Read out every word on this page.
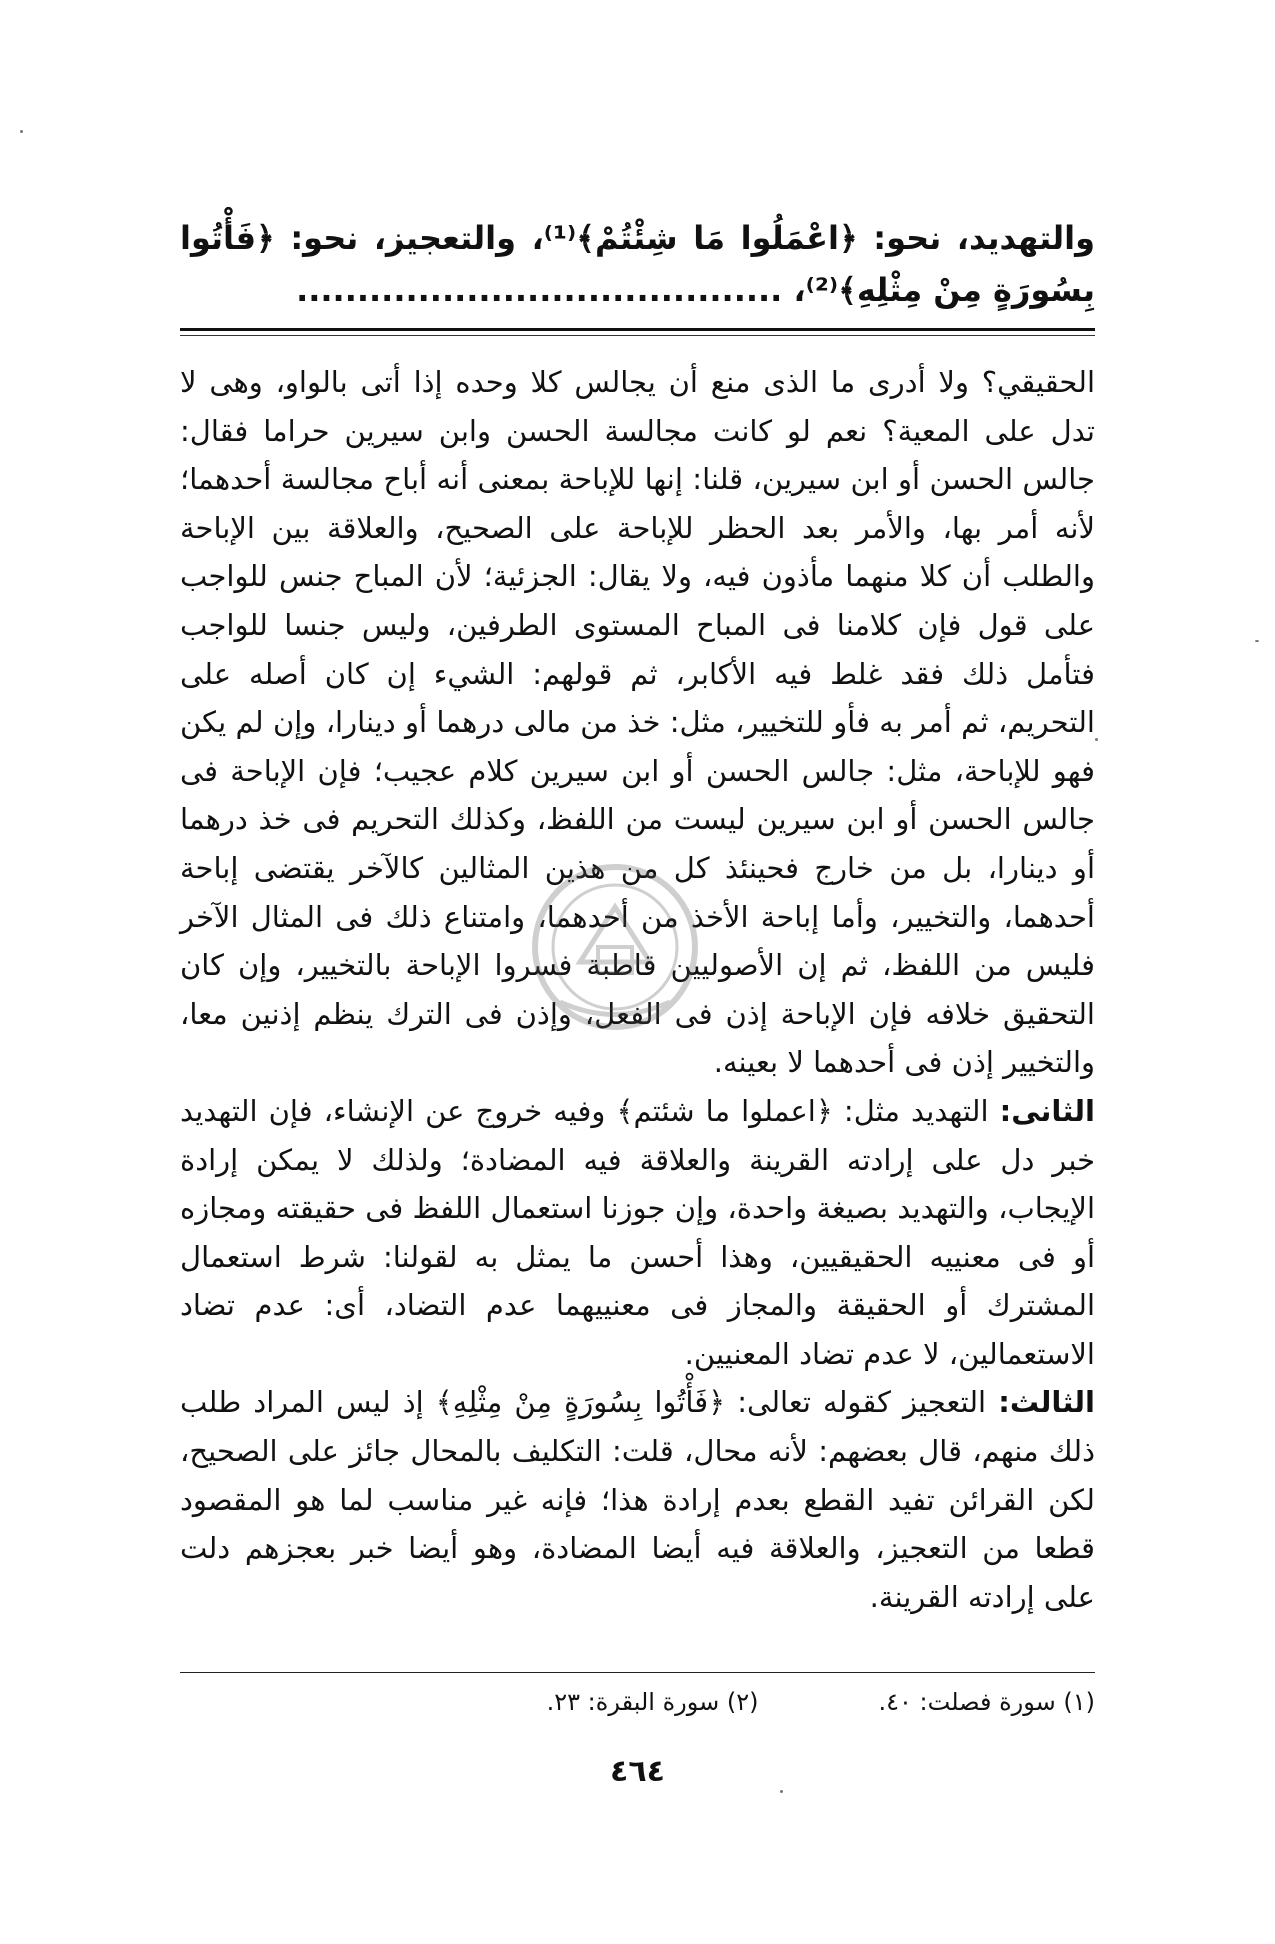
والتهديد، نحو: ﴿اعْمَلُوا مَا شِئْتُمْ﴾⁽¹⁾، والتعجيز، نحو: ﴿فَأْتُوا بِسُورَةٍ مِنْ مِثْلِهِ﴾⁽²⁾، ........................................

الحقيقي؟ ولا أدرى ما الذى منع أن يجالس كلا وحده إذا أتى بالواو، وهى لا تدل على المعية؟ نعم لو كانت مجالسة الحسن وابن سيرين حراما فقال: جالس الحسن أو ابن سيرين، قلنا: إنها للإباحة بمعنى أنه أباح مجالسة أحدهما؛ لأنه أمر بها، والأمر بعد الحظر للإباحة على الصحيح، والعلاقة بين الإباحة والطلب أن كلا منهما مأذون فيه، ولا يقال: الجزئية؛ لأن المباح جنس للواجب على قول فإن كلامنا فى المباح المستوى الطرفين، وليس جنسا للواجب فتأمل ذلك فقد غلط فيه الأكابر، ثم قولهم: الشيء إن كان أصله على التحريم، ثم أمر به فأو للتخيير، مثل: خذ من مالى درهما أو دينارا، وإن لم يكن فهو للإباحة، مثل: جالس الحسن أو ابن سيرين كلام عجيب؛ فإن الإباحة فى جالس الحسن أو ابن سيرين ليست من اللفظ، وكذلك التحريم فى خذ درهما أو دينارا، بل من خارج فحينئذ كل من هذين المثالين كالآخر يقتضى إباحة أحدهما، والتخيير، وأما إباحة الأخذ من أحدهما، وامتناع ذلك فى المثال الآخر فليس من اللفظ، ثم إن الأصوليين قاطبة فسروا الإباحة بالتخيير، وإن كان التحقيق خلافه فإن الإباحة إذن فى الفعل، وإذن فى الترك ينظم إذنين معا، والتخيير إذن فى أحدهما لا بعينه.

الثانى: التهديد مثل: ﴿اعملوا ما شئتم﴾ وفيه خروج عن الإنشاء، فإن التهديد خبر دل على إرادته القرينة والعلاقة فيه المضادة؛ ولذلك لا يمكن إرادة الإيجاب، والتهديد بصيغة واحدة، وإن جوزنا استعمال اللفظ فى حقيقته ومجازه أو فى معنييه الحقيقيين، وهذا أحسن ما يمثل به لقولنا: شرط استعمال المشترك أو الحقيقة والمجاز فى معنييهما عدم التضاد، أى: عدم تضاد الاستعمالين، لا عدم تضاد المعنيين.

الثالث: التعجيز كقوله تعالى: ﴿فَأْتُوا بِسُورَةٍ مِنْ مِثْلِهِ﴾ إذ ليس المراد طلب ذلك منهم، قال بعضهم: لأنه محال، قلت: التكليف بالمحال جائز على الصحيح، لكن القرائن تفيد القطع بعدم إرادة هذا؛ فإنه غير مناسب لما هو المقصود قطعا من التعجيز، والعلاقة فيه أيضا المضادة، وهو أيضا خبر بعجزهم دلت على إرادته القرينة.

(١) سورة فصلت: ٤٠.
(٢) سورة البقرة: ٢٣.
٤٦٤
